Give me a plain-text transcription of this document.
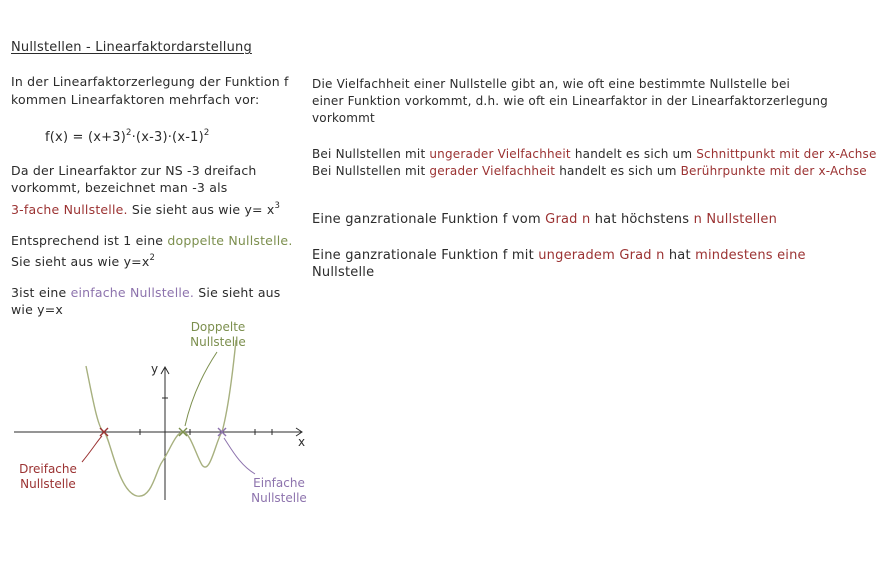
Nullstellen - Linearfaktordarstellung
In der Linearfaktorzerlegung der Funktion f
kommen Linearfaktoren mehrfach vor:
$f(x) = (x+3)^2\cdot(x-3)\cdot(x-1)^2$
Da der Linearfaktor zur NS -3 dreifach
vorkommt, bezeichnet man -3 als
3-fache Nullstelle. Sie sieht aus wie $y= x^3$
Entsprechend ist 1 eine doppelte Nullstelle.
Sie sieht aus wie $y=x^2$
3ist eine einfache Nullstelle. Sie sieht aus
wie y=x
x
y
Doppelte
Nullstelle
Dreifache
Nullstelle	Einfache
Nullstelle
Die Vielfachheit einer Nullstelle gibt an, wie oft eine bestimmte Nullstelle bei
einer Funktion vorkommt, d.h. wie oft ein Linearfaktor in der Linearfaktorzerlegung
vorkommt
Bei Nullstellen mit ungerader Vielfachheit handelt es sich um Schnittpunkt mit der x-Achse
Bei Nullstellen mit gerader Vielfachheit handelt es sich um Berührpunkte mit der x-Achse
Eine ganzrationale Funktion f vom Grad n hat höchstens n Nullstellen
Eine ganzrationale Funktion f mit ungeradem Grad n hat mindestens eine
Nullstelle
